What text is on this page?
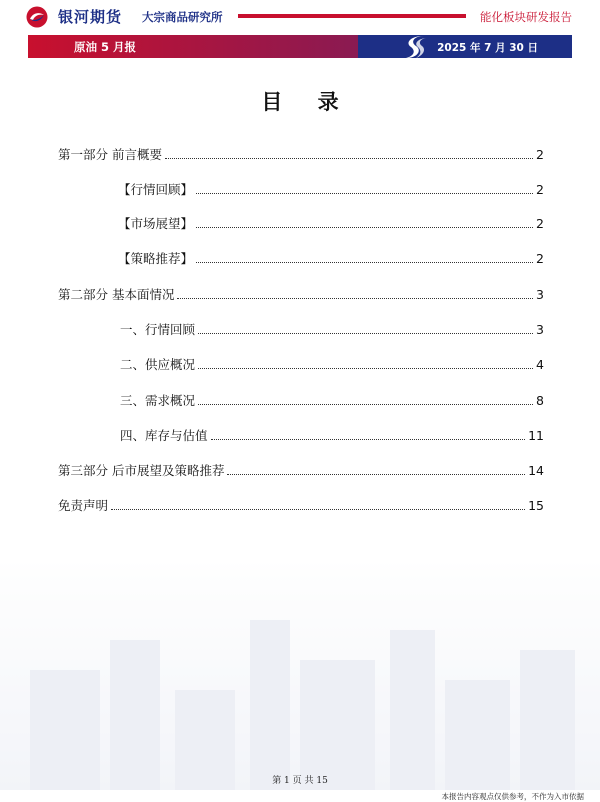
银河期货 大宗商品研究所	能化板块研发报告
原油 5 月报	2025 年 7 月 30 日
目 录
第一部分 前言概要	2
【行情回顾】	2
【市场展望】	2
【策略推荐】	2
第二部分 基本面情况	3
一、行情回顾	3
二、供应概况	4
三、需求概况	8
四、库存与估值	11
第三部分 后市展望及策略推荐	14
免责声明	15
第 1 页 共 15
本报告内容观点仅供参考，不作为入市依据
